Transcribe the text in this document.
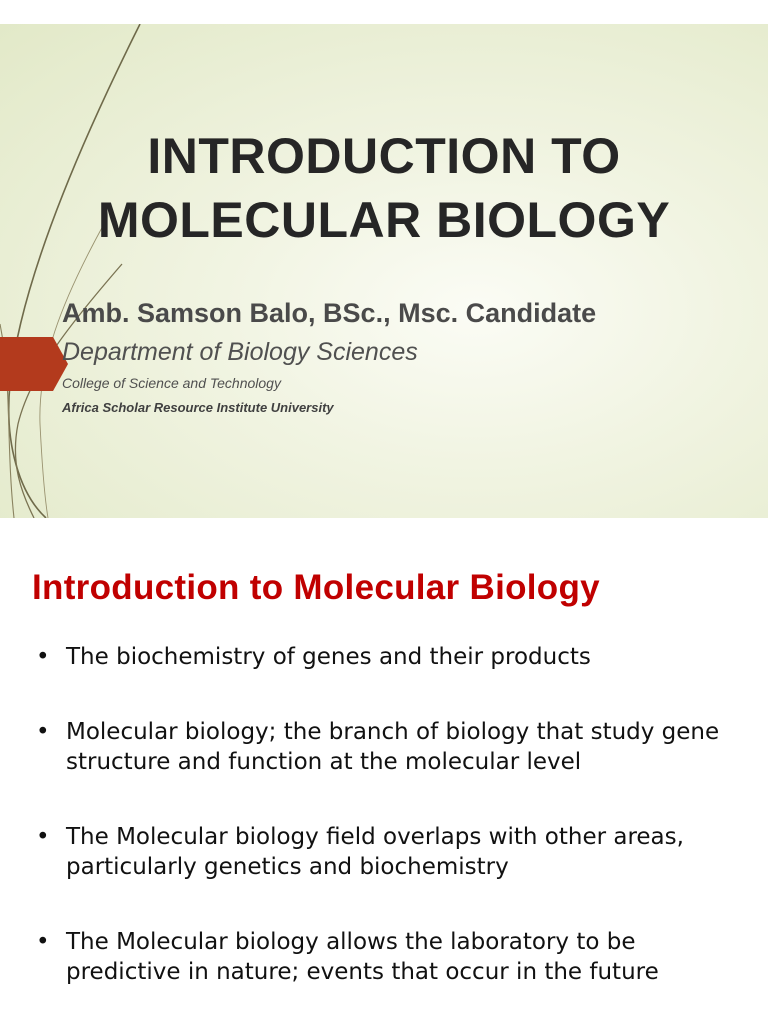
INTRODUCTION TO
MOLECULAR BIOLOGY
Amb. Samson Balo, BSc., Msc. Candidate
Department of Biology Sciences
College of Science and Technology
Africa Scholar Resource Institute University
Introduction to Molecular Biology
• The biochemistry of genes and their products
• Molecular biology; the branch of biology that study gene structure and function at the molecular level
• The Molecular biology field overlaps with other areas, particularly genetics and biochemistry
• The Molecular biology allows the laboratory to be predictive in nature; events that occur in the future
